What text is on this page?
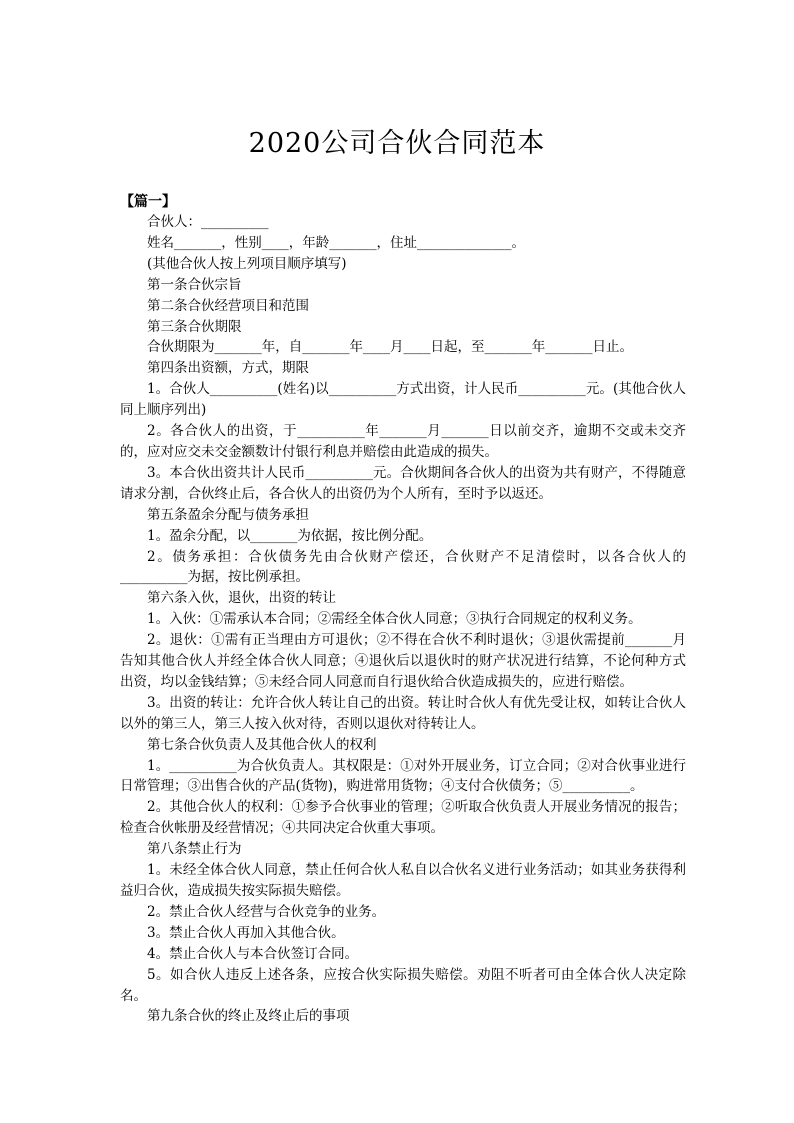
2020公司合伙合同范本
【篇一】

合伙人：__________

姓名_______，性别____，年龄_______，住址______________。

(其他合伙人按上列项目顺序填写)

第一条合伙宗旨

第二条合伙经营项目和范围

第三条合伙期限

合伙期限为_______年，自_______年____月____日起，至_______年_______日止。

第四条出资额，方式，期限

1。合伙人__________(姓名)以__________方式出资，计人民币__________元。(其他合伙人同上顺序列出)

2。各合伙人的出资，于__________年_______月_______日以前交齐，逾期不交或未交齐的，应对应交未交金额数计付银行利息并赔偿由此造成的损失。

3。本合伙出资共计人民币__________元。合伙期间各合伙人的出资为共有财产，不得随意请求分割，合伙终止后，各合伙人的出资仍为个人所有，至时予以返还。

第五条盈余分配与债务承担

1。盈余分配，以_______为依据，按比例分配。

2。债务承担：合伙债务先由合伙财产偿还，合伙财产不足清偿时，以各合伙人的__________为据，按比例承担。

第六条入伙，退伙，出资的转让

1。入伙：①需承认本合同；②需经全体合伙人同意；③执行合同规定的权利义务。

2。退伙：①需有正当理由方可退伙；②不得在合伙不利时退伙；③退伙需提前_______月告知其他合伙人并经全体合伙人同意；④退伙后以退伙时的财产状况进行结算，不论何种方式出资，均以金钱结算；⑤未经合同人同意而自行退伙给合伙造成损失的，应进行赔偿。

3。出资的转让：允许合伙人转让自己的出资。转让时合伙人有优先受让权，如转让合伙人以外的第三人，第三人按入伙对待，否则以退伙对待转让人。

第七条合伙负责人及其他合伙人的权利

1。__________为合伙负责人。其权限是：①对外开展业务，订立合同；②对合伙事业进行日常管理；③出售合伙的产品(货物)，购进常用货物；④支付合伙债务；⑤__________。

2。其他合伙人的权利：①参予合伙事业的管理；②听取合伙负责人开展业务情况的报告；检查合伙帐册及经营情况；④共同决定合伙重大事项。

第八条禁止行为

1。未经全体合伙人同意，禁止任何合伙人私自以合伙名义进行业务活动；如其业务获得利益归合伙，造成损失按实际损失赔偿。

2。禁止合伙人经营与合伙竞争的业务。

3。禁止合伙人再加入其他合伙。

4。禁止合伙人与本合伙签订合同。

5。如合伙人违反上述各条，应按合伙实际损失赔偿。劝阻不听者可由全体合伙人决定除名。

第九条合伙的终止及终止后的事项
